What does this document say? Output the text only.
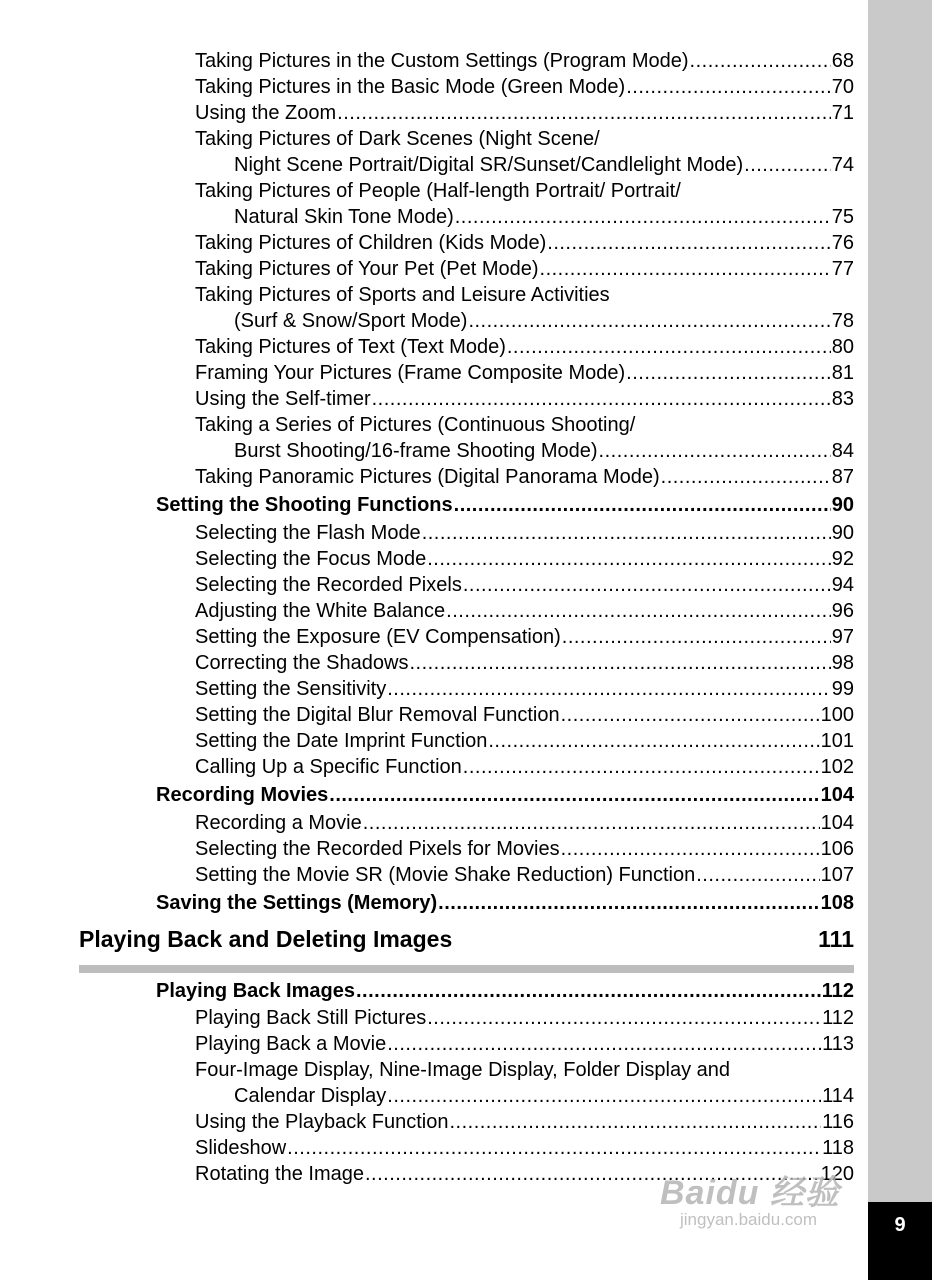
9
Taking Pictures in the Custom Settings (Program Mode) .....	68
Taking Pictures in the Basic Mode (Green Mode) .....	70
Using the Zoom .....	71
Taking Pictures of Dark Scenes (Night Scene/
Night Scene Portrait/Digital SR/Sunset/Candlelight Mode) .....	74
Taking Pictures of People (Half-length Portrait/ Portrait/
Natural Skin Tone Mode) .....	75
Taking Pictures of Children (Kids Mode) .....	76
Taking Pictures of Your Pet (Pet Mode) .....	77
Taking Pictures of Sports and Leisure Activities
(Surf & Snow/Sport Mode) .....	78
Taking Pictures of Text (Text Mode) .....	80
Framing Your Pictures (Frame Composite Mode) .....	81
Using the Self-timer .....	83
Taking a Series of Pictures (Continuous Shooting/
Burst Shooting/16-frame Shooting Mode) .....	84
Taking Panoramic Pictures (Digital Panorama Mode) .....	87
Setting the Shooting Functions .....	90
Selecting the Flash Mode .....	90
Selecting the Focus Mode .....	92
Selecting the Recorded Pixels .....	94
Adjusting the White Balance .....	96
Setting the Exposure (EV Compensation) .....	97
Correcting the Shadows .....	98
Setting the Sensitivity .....	99
Setting the Digital Blur Removal Function .....	100
Setting the Date Imprint Function .....	101
Calling Up a Specific Function .....	102
Recording Movies .....	104
Recording a Movie .....	104
Selecting the Recorded Pixels for Movies .....	106
Setting the Movie SR (Movie Shake Reduction) Function .....	107
Saving the Settings (Memory) .....	108
Playing Back Images .....	112
Playing Back Still Pictures .....	112
Playing Back a Movie .....	113
Four-Image Display, Nine-Image Display, Folder Display and
Calendar Display .....	114
Using the Playback Function .....	116
Slideshow .....	118
Rotating the Image .....	120
Playing Back and Deleting Images	111
Baidu 经验
jingyan.baidu.com
